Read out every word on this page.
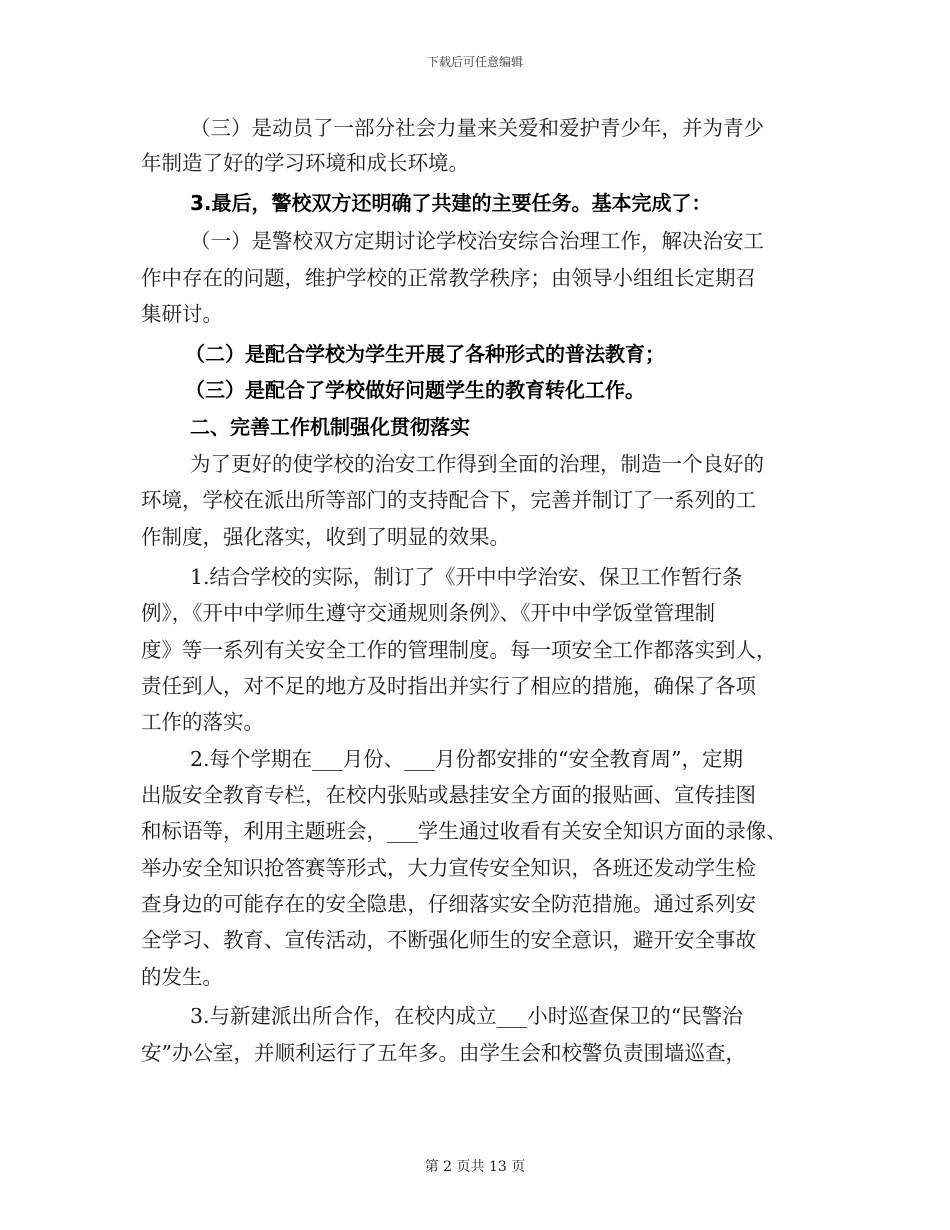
下载后可任意编辑
（三）是动员了一部分社会力量来关爱和爱护青少年，并为青少
年制造了好的学习环境和成长环境。
3.最后，警校双方还明确了共建的主要任务。基本完成了：
（一）是警校双方定期讨论学校治安综合治理工作，解决治安工
作中存在的问题，维护学校的正常教学秩序；由领导小组组长定期召
集研讨。
（二）是配合学校为学生开展了各种形式的普法教育；
（三）是配合了学校做好问题学生的教育转化工作。
二、完善工作机制强化贯彻落实
为了更好的使学校的治安工作得到全面的治理，制造一个良好的
环境，学校在派出所等部门的支持配合下，完善并制订了一系列的工
作制度，强化落实，收到了明显的效果。
1.结合学校的实际，制订了《开中中学治安、保卫工作暂行条
例》，《开中中学师生遵守交通规则条例》、《开中中学饭堂管理制
度》等一系列有关安全工作的管理制度。每一项安全工作都落实到人，
责任到人，对不足的地方及时指出并实行了相应的措施，确保了各项
工作的落实。
2.每个学期在___月份、___月份都安排的“安全教育周”，定期
出版安全教育专栏，在校内张贴或悬挂安全方面的报贴画、宣传挂图
和标语等，利用主题班会，___学生通过收看有关安全知识方面的录像、
举办安全知识抢答赛等形式，大力宣传安全知识，各班还发动学生检
查身边的可能存在的安全隐患，仔细落实安全防范措施。通过系列安
全学习、教育、宣传活动，不断强化师生的安全意识，避开安全事故
的发生。
3.与新建派出所合作，在校内成立___小时巡查保卫的“民警治
安”办公室，并顺利运行了五年多。由学生会和校警负责围墙巡查，
第 2 页共 13 页
